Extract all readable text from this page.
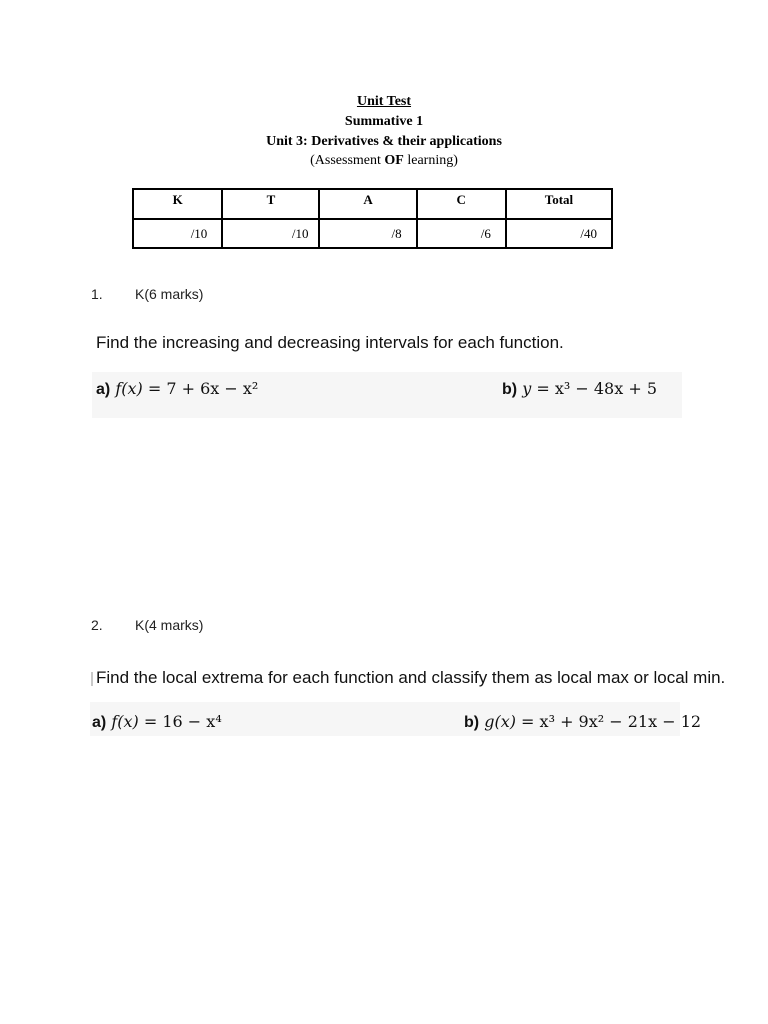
Unit Test
Summative 1
Unit 3: Derivatives & their applications
(Assessment OF learning)
K	T	A	C	Total
/10	/10	/8	/6	/40
1. K(6 marks)
Find the increasing and decreasing intervals for each function.
a) f(x) = 7 + 6x − x²	b) y = x³ − 48x + 5
2. K(4 marks)
Find the local extrema for each function and classify them as local max or local min.
a) f(x) = 16 − x⁴	b) g(x) = x³ + 9x² − 21x − 12
